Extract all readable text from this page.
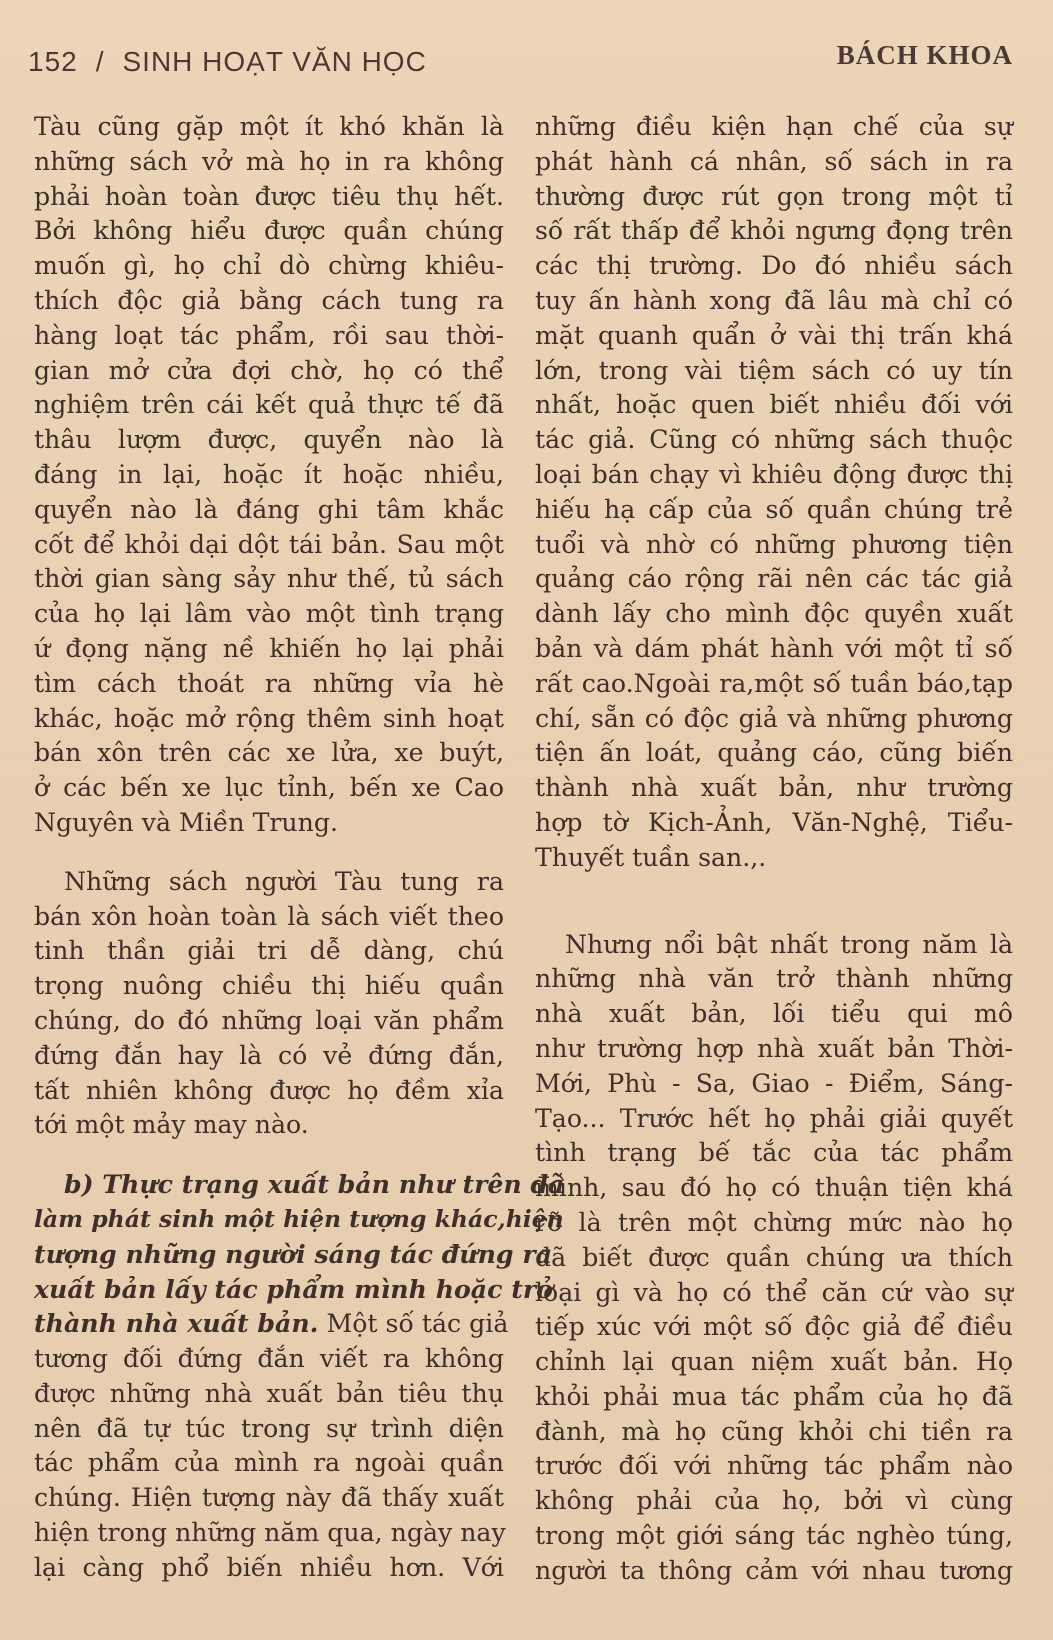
152 / SINH HOẠT VĂN HỌC	BÁCH KHOA

Tàu cũng gặp một ít khó khăn là
những sách vở mà họ in ra không
phải hoàn toàn được tiêu thụ hết.
Bởi không hiểu được quần chúng
muốn gì, họ chỉ dò chừng khiêu-
thích độc giả bằng cách tung ra
hàng loạt tác phẩm, rồi sau thời-
gian mở cửa đợi chờ, họ có thể
nghiệm trên cái kết quả thực tế đã
thâu lượm được, quyển nào là
đáng in lại, hoặc ít hoặc nhiều,
quyển nào là đáng ghi tâm khắc
cốt để khỏi dại dột tái bản. Sau một
thời gian sàng sảy như thế, tủ sách
của họ lại lâm vào một tình trạng
ứ đọng nặng nề khiến họ lại phải
tìm cách thoát ra những vỉa hè
khác, hoặc mở rộng thêm sinh hoạt
bán xôn trên các xe lửa, xe buýt,
ở các bến xe lục tỉnh, bến xe Cao
Nguyên và Miền Trung.

Những sách người Tàu tung ra
bán xôn hoàn toàn là sách viết theo
tinh thần giải tri dễ dàng, chú
trọng nuông chiều thị hiếu quần
chúng, do đó những loại văn phẩm
đứng đắn hay là có vẻ đứng đắn,
tất nhiên không được họ đềm xỉa
tới một mảy may nào.

b) Thực trạng xuất bản như trên đã
làm phát sinh một hiện tượng khác,hiện
tượng những người sáng tác đứng ra
xuất bản lấy tác phẩm mình hoặc trở
thành nhà xuất bản. Một số tác giả
tương đối đứng đắn viết ra không
được những nhà xuất bản tiêu thụ
nên đã tự túc trong sự trình diện
tác phẩm của mình ra ngoài quần
chúng. Hiện tượng này đã thấy xuất
hiện trong những năm qua, ngày nay
lại càng phổ biến nhiều hơn. Với

những điều kiện hạn chế của sự
phát hành cá nhân, số sách in ra
thường được rút gọn trong một tỉ
số rất thấp để khỏi ngưng đọng trên
các thị trường. Do đó nhiều sách
tuy ấn hành xong đã lâu mà chỉ có
mặt quanh quẩn ở vài thị trấn khá
lớn, trong vài tiệm sách có uy tín
nhất, hoặc quen biết nhiều đối với
tác giả. Cũng có những sách thuộc
loại bán chạy vì khiêu động được thị
hiếu hạ cấp của số quần chúng trẻ
tuổi và nhờ có những phương tiện
quảng cáo rộng rãi nên các tác giả
dành lấy cho mình độc quyền xuất
bản và dám phát hành với một tỉ số
rất cao.Ngoài ra,một số tuần báo,tạp
chí, sẵn có độc giả và những phương
tiện ấn loát, quảng cáo, cũng biến
thành nhà xuất bản, như trường
hợp tờ Kịch-Ảnh, Văn-Nghệ, Tiểu-
Thuyết tuần san.,.

Nhưng nổi bật nhất trong năm là
những nhà văn trở thành những
nhà xuất bản, lối tiểu qui mô
như trường hợp nhà xuất bản Thời-
Mới, Phù - Sa, Giao - Điểm, Sáng-
Tạo... Trước hết họ phải giải quyết
tình trạng bế tắc của tác phẩm
mình, sau đó họ có thuận tiện khá
rõ là trên một chừng mức nào họ
đã biết được quần chúng ưa thích
loại gì và họ có thể căn cứ vào sự
tiếp xúc với một số độc giả để điều
chỉnh lại quan niệm xuất bản. Họ
khỏi phải mua tác phẩm của họ đã
đành, mà họ cũng khỏi chi tiền ra
trước đối với những tác phẩm nào
không phải của họ, bởi vì cùng
trong một giới sáng tác nghèo túng,
người ta thông cảm với nhau tương
